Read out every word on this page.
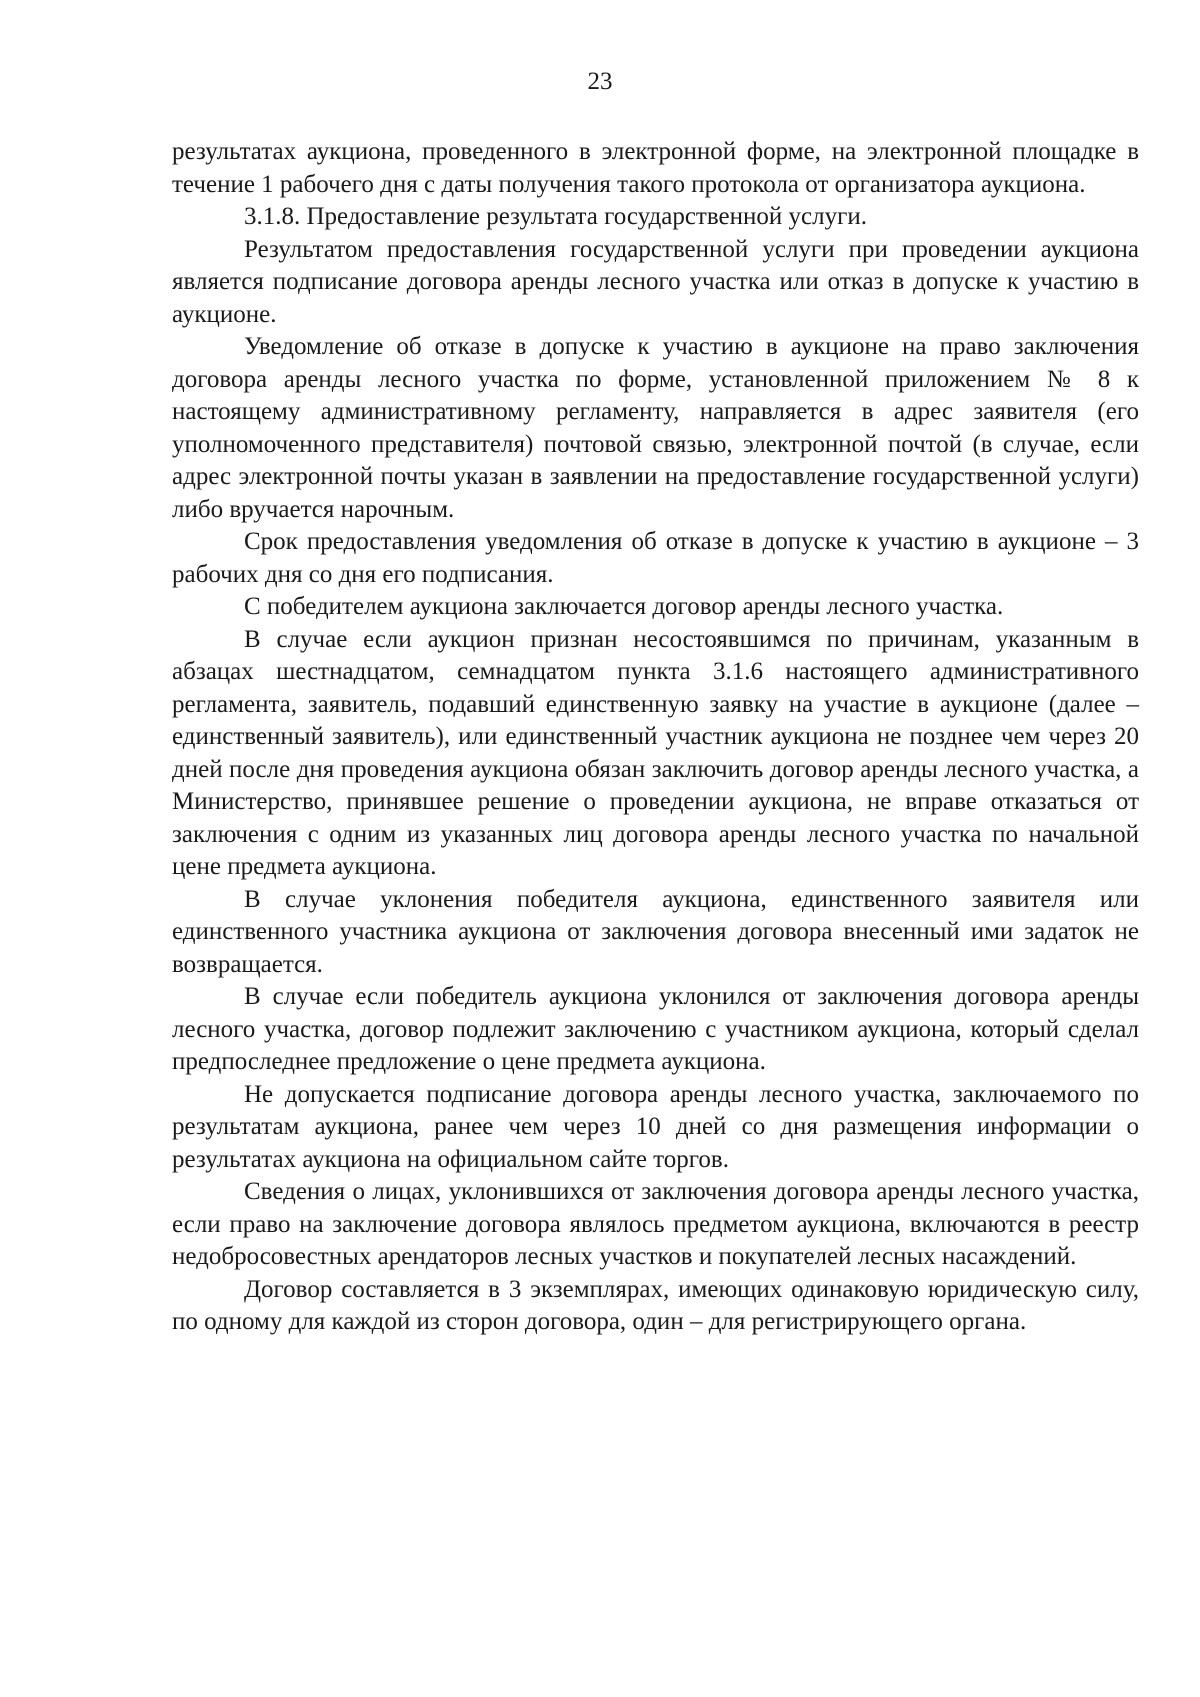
23

результатах аукциона, проведенного в электронной форме, на электронной площадке в течение 1 рабочего дня с даты получения такого протокола от организатора аукциона.

3.1.8. Предоставление результата государственной услуги.

Результатом предоставления государственной услуги при проведении аукциона является подписание договора аренды лесного участка или отказ в допуске к участию в аукционе.

Уведомление об отказе в допуске к участию в аукционе на право заключения договора аренды лесного участка по форме, установленной приложением № 8 к настоящему административному регламенту, направляется в адрес заявителя (его уполномоченного представителя) почтовой связью, электронной почтой (в случае, если адрес электронной почты указан в заявлении на предоставление государственной услуги) либо вручается нарочным.

Срок предоставления уведомления об отказе в допуске к участию в аукционе – 3 рабочих дня со дня его подписания.

С победителем аукциона заключается договор аренды лесного участка.

В случае если аукцион признан несостоявшимся по причинам, указанным в абзацах шестнадцатом, семнадцатом пункта 3.1.6 настоящего административного регламента, заявитель, подавший единственную заявку на участие в аукционе (далее – единственный заявитель), или единственный участник аукциона не позднее чем через 20 дней после дня проведения аукциона обязан заключить договор аренды лесного участка, а Министерство, принявшее решение о проведении аукциона, не вправе отказаться от заключения с одним из указанных лиц договора аренды лесного участка по начальной цене предмета аукциона.

В случае уклонения победителя аукциона, единственного заявителя или единственного участника аукциона от заключения договора внесенный ими задаток не возвращается.

В случае если победитель аукциона уклонился от заключения договора аренды лесного участка, договор подлежит заключению с участником аукциона, который сделал предпоследнее предложение о цене предмета аукциона.

Не допускается подписание договора аренды лесного участка, заключаемого по результатам аукциона, ранее чем через 10 дней со дня размещения информации о результатах аукциона на официальном сайте торгов.

Сведения о лицах, уклонившихся от заключения договора аренды лесного участка, если право на заключение договора являлось предметом аукциона, включаются в реестр недобросовестных арендаторов лесных участков и покупателей лесных насаждений.

Договор составляется в 3 экземплярах, имеющих одинаковую юридическую силу, по одному для каждой из сторон договора, один – для регистрирующего органа.
